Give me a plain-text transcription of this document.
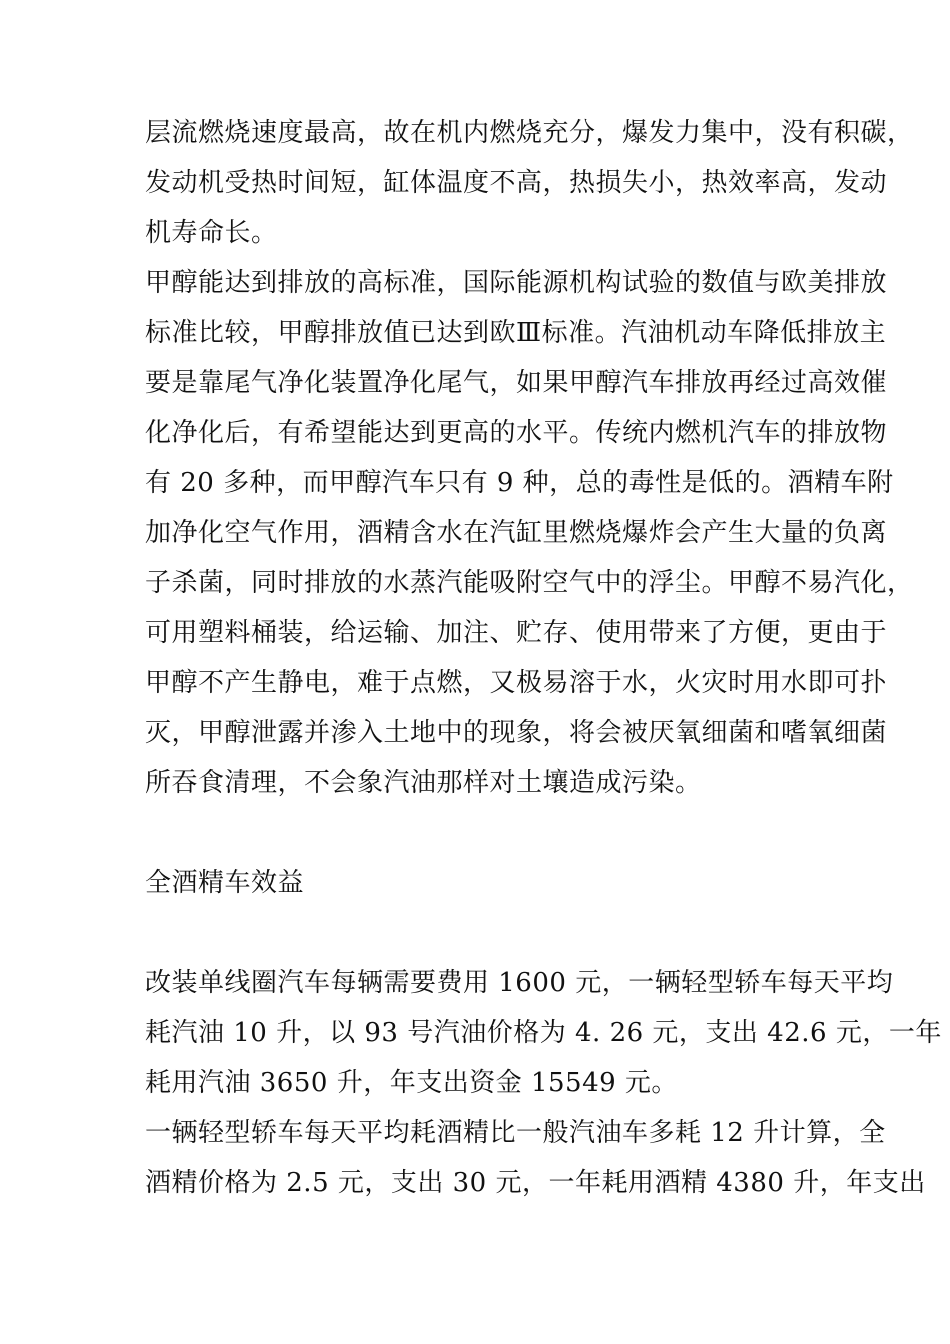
层流燃烧速度最高，故在机内燃烧充分，爆发力集中，没有积碳，
发动机受热时间短，缸体温度不高，热损失小，热效率高，发动
机寿命长。
甲醇能达到排放的高标准，国际能源机构试验的数值与欧美排放
标准比较，甲醇排放值已达到欧Ⅲ标准。汽油机动车降低排放主
要是靠尾气净化装置净化尾气，如果甲醇汽车排放再经过高效催
化净化后，有希望能达到更高的水平。传统内燃机汽车的排放物
有 20 多种，而甲醇汽车只有 9 种，总的毒性是低的。酒精车附
加净化空气作用，酒精含水在汽缸里燃烧爆炸会产生大量的负离
子杀菌，同时排放的水蒸汽能吸附空气中的浮尘。甲醇不易汽化，
可用塑料桶装，给运输、加注、贮存、使用带来了方便，更由于
甲醇不产生静电，难于点燃，又极易溶于水，火灾时用水即可扑
灭，甲醇泄露并渗入土地中的现象，将会被厌氧细菌和嗜氧细菌
所吞食清理，不会象汽油那样对土壤造成污染。
全酒精车效益
改装单线圈汽车每辆需要费用 1600 元，一辆轻型轿车每天平均
耗汽油 10 升，以 93 号汽油价格为 4. 26 元，支出 42.6 元，一年
耗用汽油 3650 升，年支出资金 15549 元。
一辆轻型轿车每天平均耗酒精比一般汽油车多耗 12 升计算，全
酒精价格为 2.5 元，支出 30 元，一年耗用酒精 4380 升，年支出
